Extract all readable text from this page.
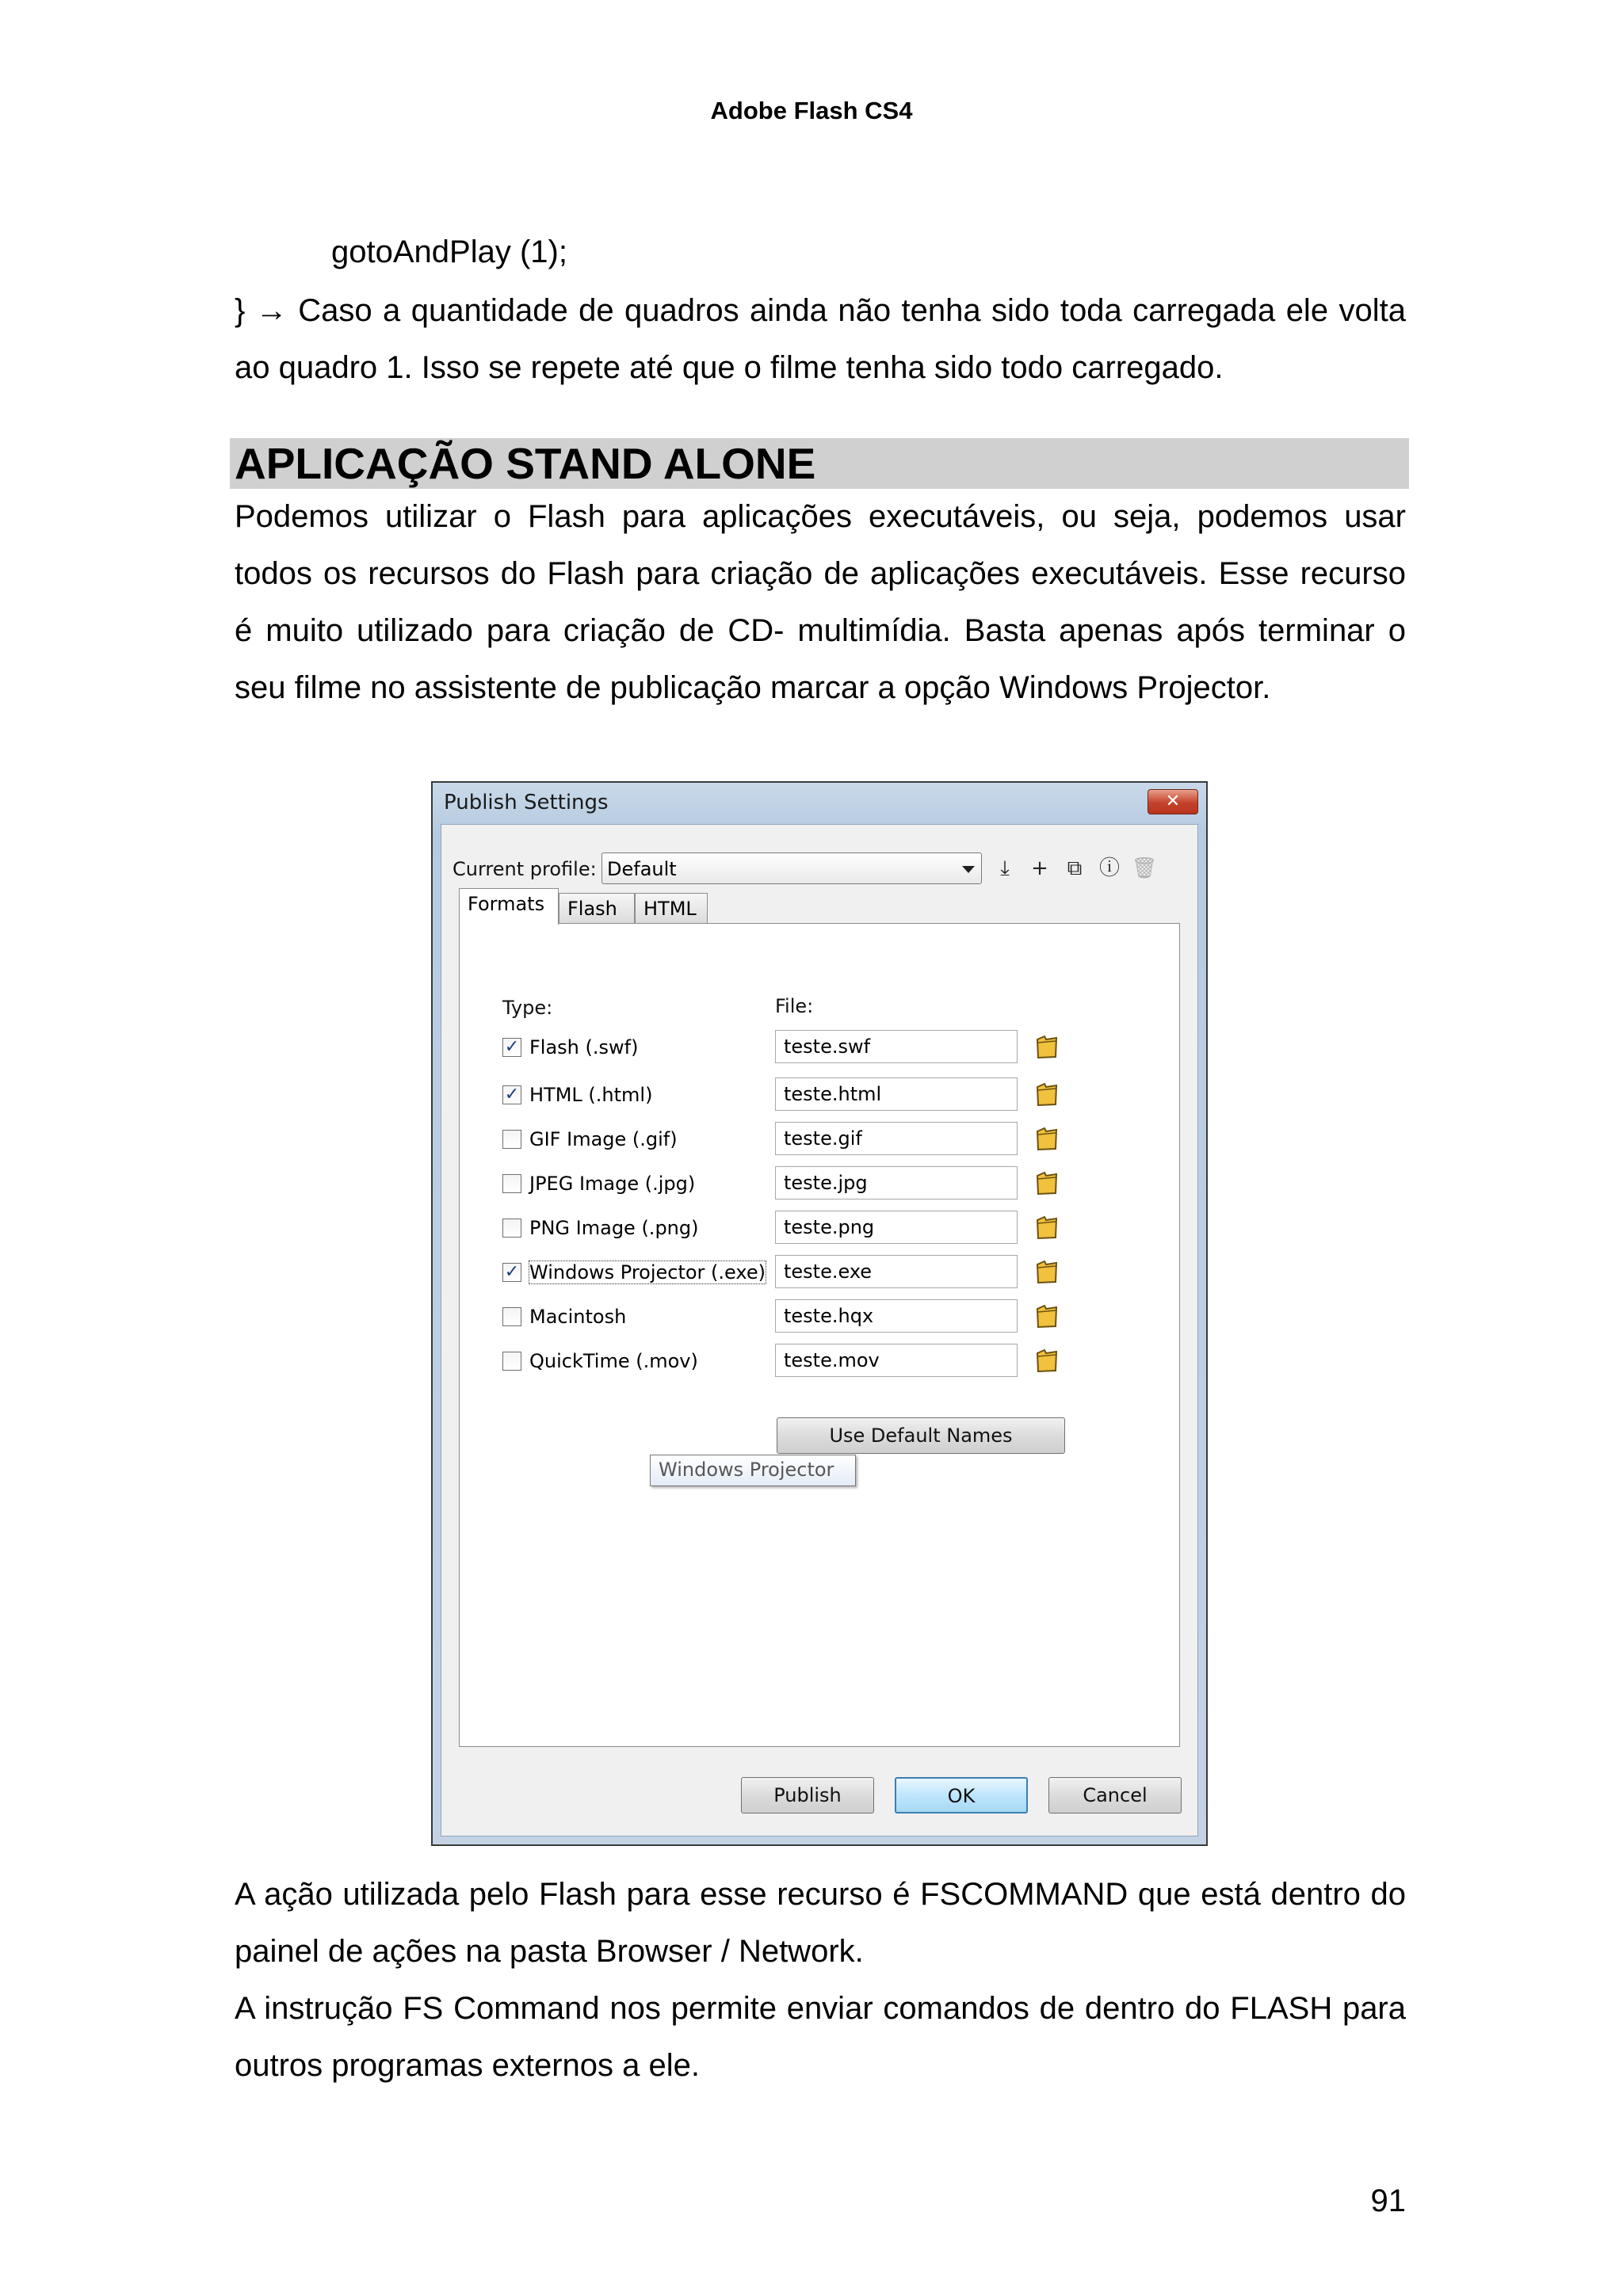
Adobe Flash CS4
gotoAndPlay (1);

} → Caso a quantidade de quadros ainda não tenha sido toda carregada ele volta ao quadro 1. Isso se repete até que o filme tenha sido todo carregado.

APLICAÇÃO STAND ALONE

Podemos utilizar o Flash para aplicações executáveis, ou seja, podemos usar todos os recursos do Flash para criação de aplicações executáveis. Esse recurso é muito utilizado para criação de CD- multimídia. Basta apenas após terminar o seu filme no assistente de publicação marcar a opção Windows Projector.

Publish Settings	✕
Current profile: Default	⤓	+ ⧉ ⓘ 🗑
Formats	Flash	HTML
Type:	File:
✓ Flash (.swf)	teste.swf
✓ HTML (.html)	teste.html
GIF Image (.gif)	teste.gif
JPEG Image (.jpg)	teste.jpg
PNG Image (.png)	teste.png
✓ Windows Projector (.exe) teste.exe
Macintosh	teste.hqx
QuickTime (.mov)	teste.mov
Windows Projector
Use Default Names
Publish	OK	Cancel

A ação utilizada pelo Flash para esse recurso é FSCOMMAND que está dentro do painel de ações na pasta Browser / Network.

A instrução FS Command nos permite enviar comandos de dentro do FLASH para outros programas externos a ele.

91
